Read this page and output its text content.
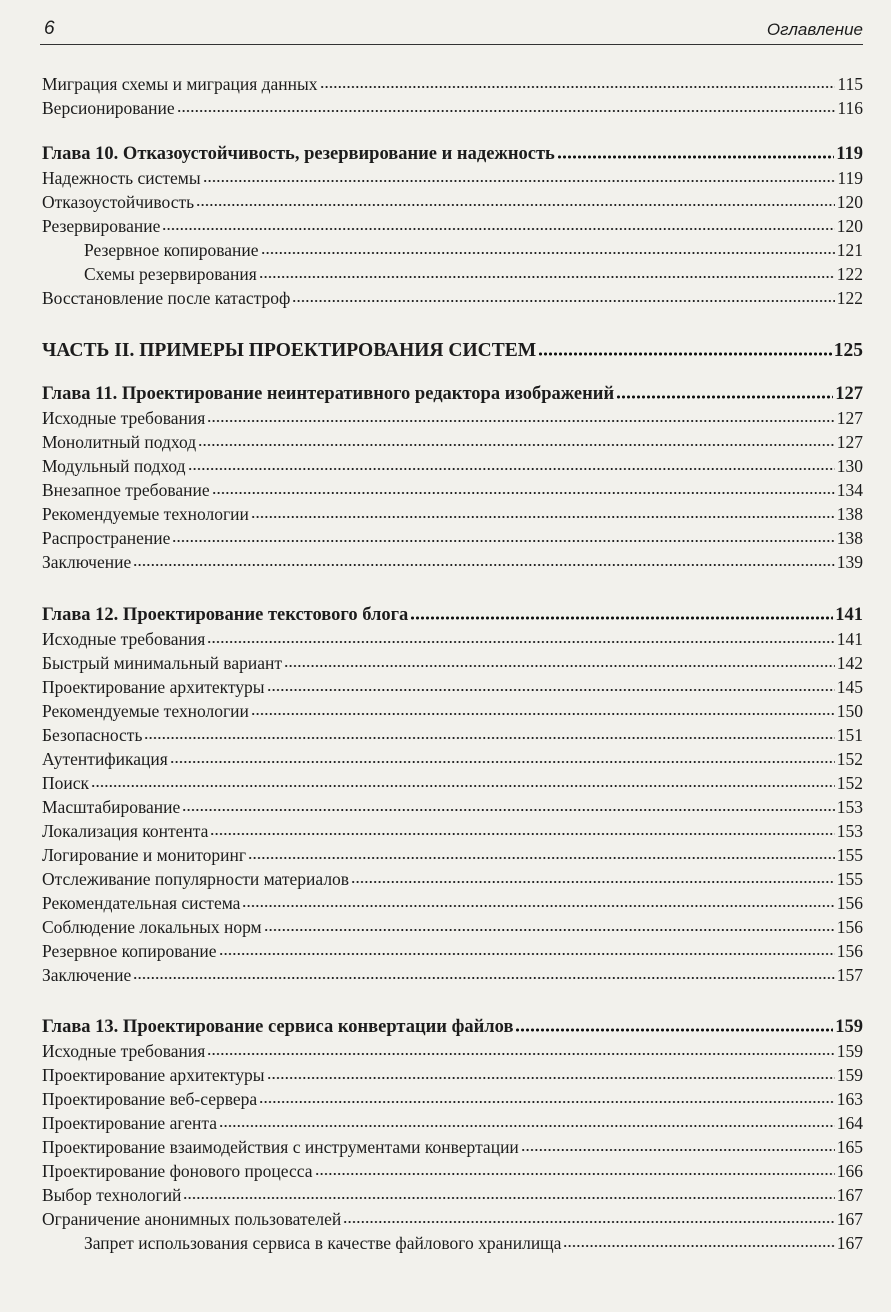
6	Оглавление
Миграция схемы и миграция данных	115
Версионирование	116
Глава 10. Отказоустойчивость, резервирование и надежность	119
Надежность системы	119
Отказоустойчивость	120
Резервирование	120
Резервное копирование	121
Схемы резервирования	122
Восстановление после катастроф	122
ЧАСТЬ II. ПРИМЕРЫ ПРОЕКТИРОВАНИЯ СИСТЕМ	125
Глава 11. Проектирование неинтеративного редактора изображений	127
Исходные требования	127
Монолитный подход	127
Модульный подход	130
Внезапное требование	134
Рекомендуемые технологии	138
Распространение	138
Заключение	139
Глава 12. Проектирование текстового блога	141
Исходные требования	141
Быстрый минимальный вариант	142
Проектирование архитектуры	145
Рекомендуемые технологии	150
Безопасность	151
Аутентификация	152
Поиск	152
Масштабирование	153
Локализация контента	153
Логирование и мониторинг	155
Отслеживание популярности материалов	155
Рекомендательная система	156
Соблюдение локальных норм	156
Резервное копирование	156
Заключение	157
Глава 13. Проектирование сервиса конвертации файлов	159
Исходные требования	159
Проектирование архитектуры	159
Проектирование веб-сервера	163
Проектирование агента	164
Проектирование взаимодействия с инструментами конвертации	165
Проектирование фонового процесса	166
Выбор технологий	167
Ограничение анонимных пользователей	167
Запрет использования сервиса в качестве файлового хранилища	167
